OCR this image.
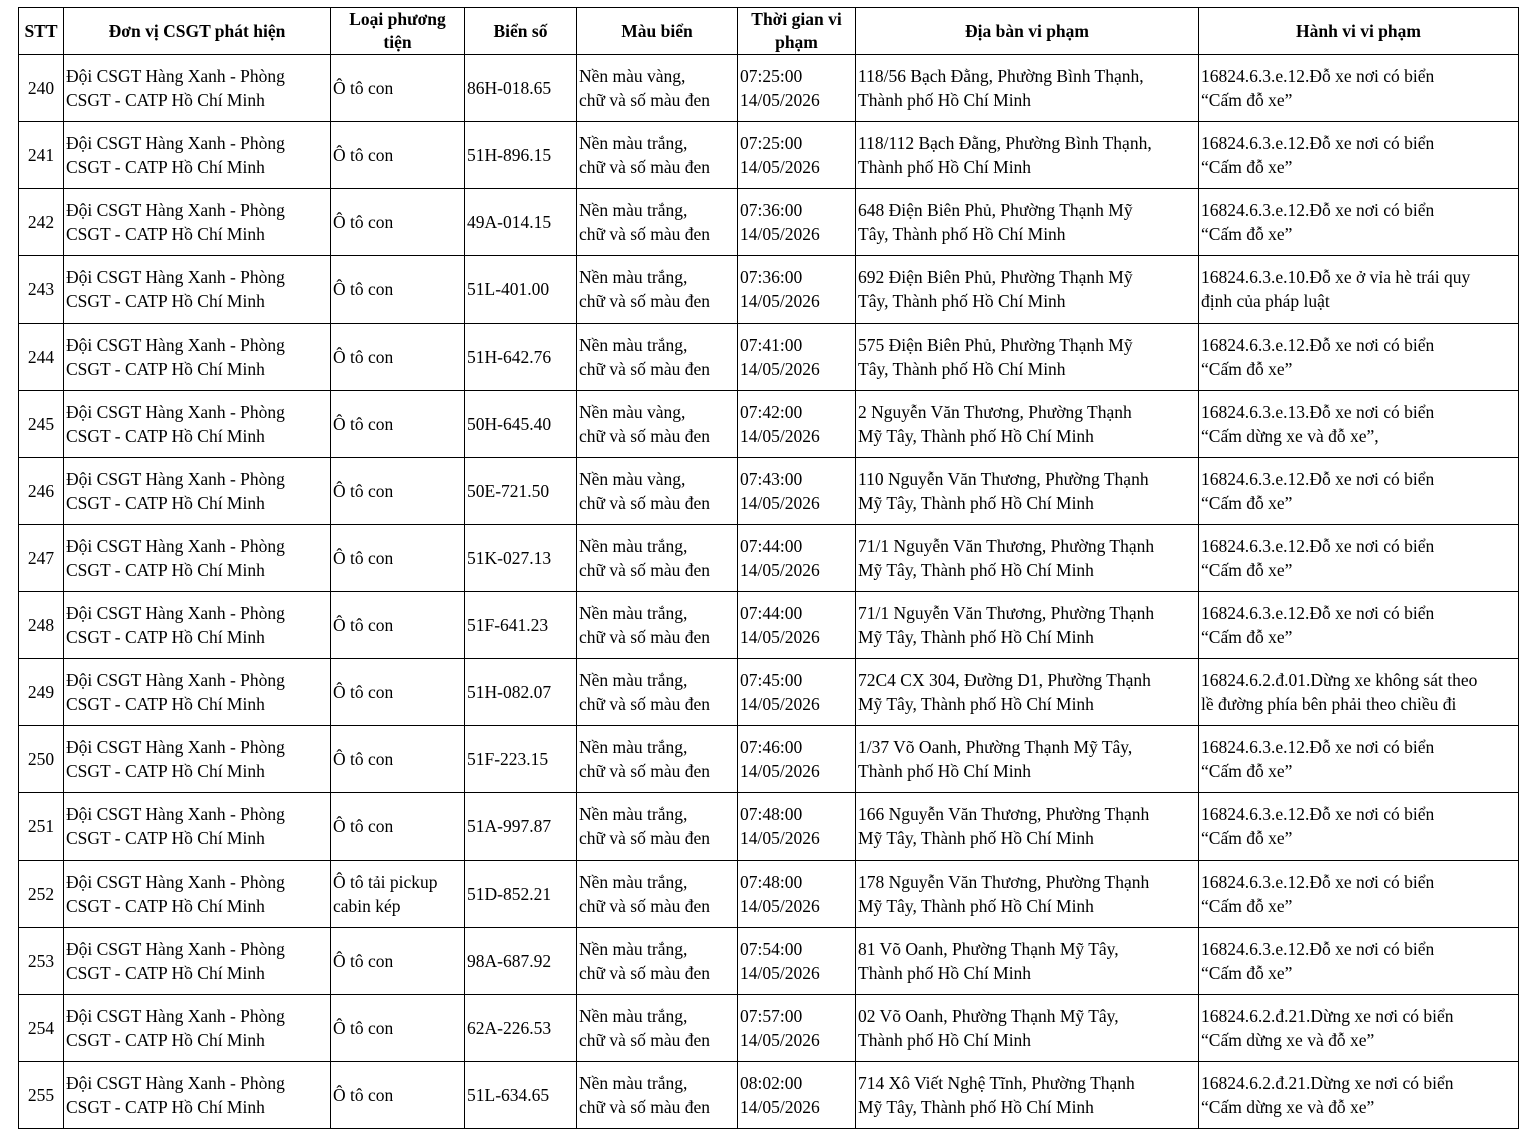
STT	Đơn vị CSGT phát hiện	Loại phương tiện	Biển số	Màu biển	Thời gian vi phạm	Địa bàn vi phạm	Hành vi vi phạm
240	Đội CSGT Hàng Xanh - Phòng
CSGT - CATP Hồ Chí Minh	Ô tô con	86H-018.65	Nền màu vàng,
chữ và số màu đen	07:25:00
14/05/2026	118/56 Bạch Đằng, Phường Bình Thạnh,
Thành phố Hồ Chí Minh	16824.6.3.e.12.Đỗ xe nơi có biển
“Cấm đỗ xe”

241	Đội CSGT Hàng Xanh - Phòng
CSGT - CATP Hồ Chí Minh	Ô tô con	51H-896.15	Nền màu trắng,
chữ và số màu đen	07:25:00
14/05/2026	118/112 Bạch Đằng, Phường Bình Thạnh,
Thành phố Hồ Chí Minh	16824.6.3.e.12.Đỗ xe nơi có biển
“Cấm đỗ xe”

242	Đội CSGT Hàng Xanh - Phòng
CSGT - CATP Hồ Chí Minh	Ô tô con	49A-014.15	Nền màu trắng,
chữ và số màu đen	07:36:00
14/05/2026	648 Điện Biên Phủ, Phường Thạnh Mỹ
Tây, Thành phố Hồ Chí Minh	16824.6.3.e.12.Đỗ xe nơi có biển
“Cấm đỗ xe”

243	Đội CSGT Hàng Xanh - Phòng
CSGT - CATP Hồ Chí Minh	Ô tô con	51L-401.00	Nền màu trắng,
chữ và số màu đen	07:36:00
14/05/2026	692 Điện Biên Phủ, Phường Thạnh Mỹ
Tây, Thành phố Hồ Chí Minh	16824.6.3.e.10.Đỗ xe ở vỉa hè trái quy
định của pháp luật

244	Đội CSGT Hàng Xanh - Phòng
CSGT - CATP Hồ Chí Minh	Ô tô con	51H-642.76	Nền màu trắng,
chữ và số màu đen	07:41:00
14/05/2026	575 Điện Biên Phủ, Phường Thạnh Mỹ
Tây, Thành phố Hồ Chí Minh	16824.6.3.e.12.Đỗ xe nơi có biển
“Cấm đỗ xe”

245	Đội CSGT Hàng Xanh - Phòng
CSGT - CATP Hồ Chí Minh	Ô tô con	50H-645.40	Nền màu vàng,
chữ và số màu đen	07:42:00
14/05/2026	2 Nguyễn Văn Thương, Phường Thạnh
Mỹ Tây, Thành phố Hồ Chí Minh	16824.6.3.e.13.Đỗ xe nơi có biển
“Cấm dừng xe và đỗ xe”,

246	Đội CSGT Hàng Xanh - Phòng
CSGT - CATP Hồ Chí Minh	Ô tô con	50E-721.50	Nền màu vàng,
chữ và số màu đen	07:43:00
14/05/2026	110 Nguyễn Văn Thương, Phường Thạnh
Mỹ Tây, Thành phố Hồ Chí Minh	16824.6.3.e.12.Đỗ xe nơi có biển
“Cấm đỗ xe”

247	Đội CSGT Hàng Xanh - Phòng
CSGT - CATP Hồ Chí Minh	Ô tô con	51K-027.13	Nền màu trắng,
chữ và số màu đen	07:44:00
14/05/2026	71/1 Nguyễn Văn Thương, Phường Thạnh
Mỹ Tây, Thành phố Hồ Chí Minh	16824.6.3.e.12.Đỗ xe nơi có biển
“Cấm đỗ xe”

248	Đội CSGT Hàng Xanh - Phòng
CSGT - CATP Hồ Chí Minh	Ô tô con	51F-641.23	Nền màu trắng,
chữ và số màu đen	07:44:00
14/05/2026	71/1 Nguyễn Văn Thương, Phường Thạnh
Mỹ Tây, Thành phố Hồ Chí Minh	16824.6.3.e.12.Đỗ xe nơi có biển
“Cấm đỗ xe”

249	Đội CSGT Hàng Xanh - Phòng
CSGT - CATP Hồ Chí Minh	Ô tô con	51H-082.07	Nền màu trắng,
chữ và số màu đen	07:45:00
14/05/2026	72C4 CX 304, Đường D1, Phường Thạnh
Mỹ Tây, Thành phố Hồ Chí Minh	16824.6.2.đ.01.Dừng xe không sát theo
lề đường phía bên phải theo chiều đi

250	Đội CSGT Hàng Xanh - Phòng
CSGT - CATP Hồ Chí Minh	Ô tô con	51F-223.15	Nền màu trắng,
chữ và số màu đen	07:46:00
14/05/2026	1/37 Võ Oanh, Phường Thạnh Mỹ Tây,
Thành phố Hồ Chí Minh	16824.6.3.e.12.Đỗ xe nơi có biển
“Cấm đỗ xe”

251	Đội CSGT Hàng Xanh - Phòng
CSGT - CATP Hồ Chí Minh	Ô tô con	51A-997.87	Nền màu trắng,
chữ và số màu đen	07:48:00
14/05/2026	166 Nguyễn Văn Thương, Phường Thạnh
Mỹ Tây, Thành phố Hồ Chí Minh	16824.6.3.e.12.Đỗ xe nơi có biển
“Cấm đỗ xe”

252	Đội CSGT Hàng Xanh - Phòng
CSGT - CATP Hồ Chí Minh	Ô tô tải pickup
cabin kép	51D-852.21	Nền màu trắng,
chữ và số màu đen	07:48:00
14/05/2026	178 Nguyễn Văn Thương, Phường Thạnh
Mỹ Tây, Thành phố Hồ Chí Minh	16824.6.3.e.12.Đỗ xe nơi có biển
“Cấm đỗ xe”

253	Đội CSGT Hàng Xanh - Phòng
CSGT - CATP Hồ Chí Minh	Ô tô con	98A-687.92	Nền màu trắng,
chữ và số màu đen	07:54:00
14/05/2026	81 Võ Oanh, Phường Thạnh Mỹ Tây,
Thành phố Hồ Chí Minh	16824.6.3.e.12.Đỗ xe nơi có biển
“Cấm đỗ xe”

254	Đội CSGT Hàng Xanh - Phòng
CSGT - CATP Hồ Chí Minh	Ô tô con	62A-226.53	Nền màu trắng,
chữ và số màu đen	07:57:00
14/05/2026	02 Võ Oanh, Phường Thạnh Mỹ Tây,
Thành phố Hồ Chí Minh	16824.6.2.đ.21.Dừng xe nơi có biển
“Cấm dừng xe và đỗ xe”

255	Đội CSGT Hàng Xanh - Phòng
CSGT - CATP Hồ Chí Minh	Ô tô con	51L-634.65	Nền màu trắng,
chữ và số màu đen	08:02:00
14/05/2026	714 Xô Viết Nghệ Tĩnh, Phường Thạnh
Mỹ Tây, Thành phố Hồ Chí Minh	16824.6.2.đ.21.Dừng xe nơi có biển
“Cấm dừng xe và đỗ xe”
